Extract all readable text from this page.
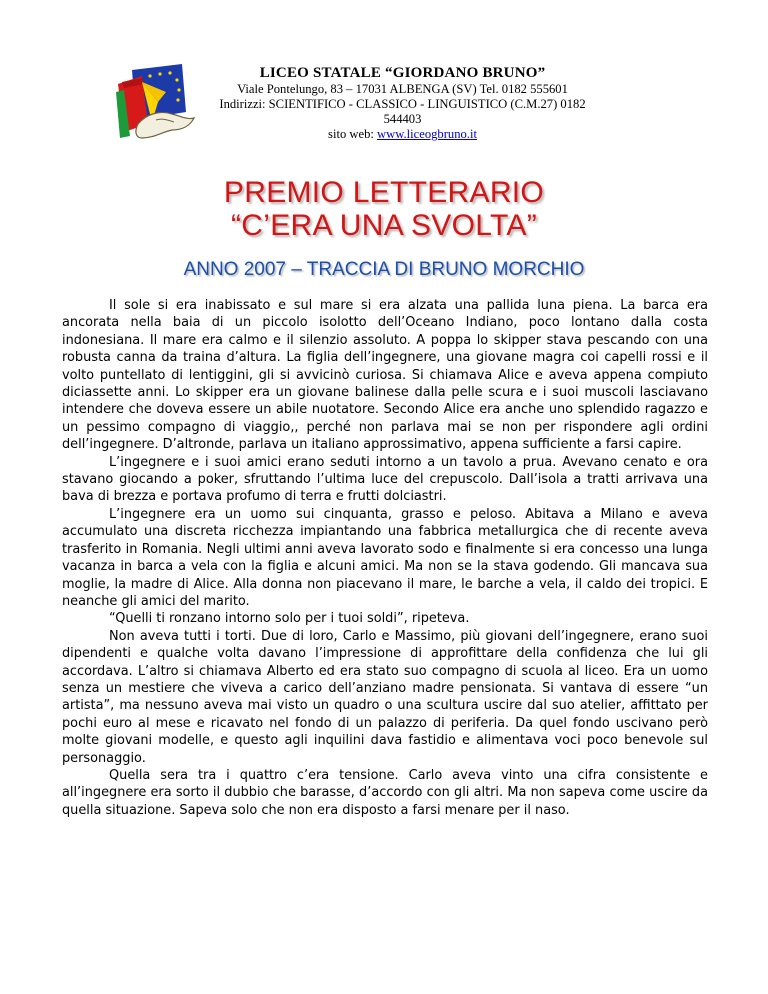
LICEO STATALE “GIORDANO BRUNO”
Viale Pontelungo, 83 – 17031 ALBENGA (SV) Tel. 0182 555601
Indirizzi: SCIENTIFICO - CLASSICO - LINGUISTICO (C.M.27) 0182 544403
sito web: www.liceogbruno.it
PREMIO LETTERARIO
“C’ERA UNA SVOLTA”
ANNO 2007 – TRACCIA DI BRUNO MORCHIO

Il sole si era inabissato e sul mare si era alzata una pallida luna piena. La barca era ancorata nella baia di un piccolo isolotto dell’Oceano Indiano, poco lontano dalla costa indonesiana. Il mare era calmo e il silenzio assoluto. A poppa lo skipper stava pescando con una robusta canna da traina d’altura. La figlia dell’ingegnere, una giovane magra coi capelli rossi e il volto puntellato di lentiggini, gli si avvicinò curiosa. Si chiamava Alice e aveva appena compiuto diciassette anni. Lo skipper era un giovane balinese dalla pelle scura e i suoi muscoli lasciavano intendere che doveva essere un abile nuotatore. Secondo Alice era anche uno splendido ragazzo e un pessimo compagno di viaggio,, perché non parlava mai se non per rispondere agli ordini dell’ingegnere. D’altronde, parlava un italiano approssimativo, appena sufficiente a farsi capire.

L’ingegnere e i suoi amici erano seduti intorno a un tavolo a prua. Avevano cenato e ora stavano giocando a poker, sfruttando l’ultima luce del crepuscolo. Dall’isola a tratti arrivava una bava di brezza e portava profumo di terra e frutti dolciastri.

L’ingegnere era un uomo sui cinquanta, grasso e peloso. Abitava a Milano e aveva accumulato una discreta ricchezza impiantando una fabbrica metallurgica che di recente aveva trasferito in Romania. Negli ultimi anni aveva lavorato sodo e finalmente si era concesso una lunga vacanza in barca a vela con la figlia e alcuni amici. Ma non se la stava godendo. Gli mancava sua moglie, la madre di Alice. Alla donna non piacevano il mare, le barche a vela, il caldo dei tropici. E neanche gli amici del marito.

“Quelli ti ronzano intorno solo per i tuoi soldi”, ripeteva.

Non aveva tutti i torti. Due di loro, Carlo e Massimo, più giovani dell’ingegnere, erano suoi dipendenti e qualche volta davano l’impressione di approfittare della confidenza che lui gli accordava. L’altro si chiamava Alberto ed era stato suo compagno di scuola al liceo. Era un uomo senza un mestiere che viveva a carico dell’anziano madre pensionata. Si vantava di essere “un artista”, ma nessuno aveva mai visto un quadro o una scultura uscire dal suo atelier, affittato per pochi euro al mese e ricavato nel fondo di un palazzo di periferia. Da quel fondo uscivano però molte giovani modelle, e questo agli inquilini dava fastidio e alimentava voci poco benevole sul personaggio.

Quella sera tra i quattro c’era tensione. Carlo aveva vinto una cifra consistente e all’ingegnere era sorto il dubbio che barasse, d’accordo con gli altri. Ma non sapeva come uscire da quella situazione. Sapeva solo che non era disposto a farsi menare per il naso.
